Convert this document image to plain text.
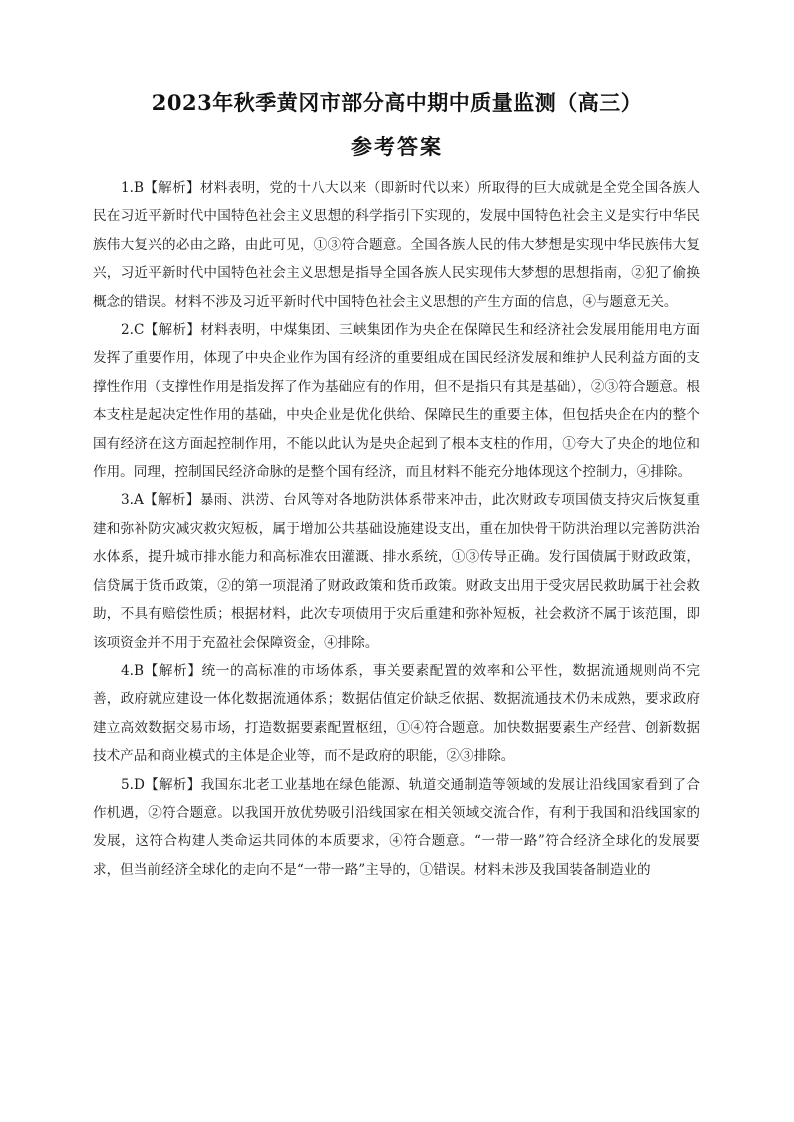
2023年秋季黄冈市部分高中期中质量监测（高三）
参考答案

1.B【解析】材料表明，党的十八大以来（即新时代以来）所取得的巨大成就是全党全国各族人民在习近平新时代中国特色社会主义思想的科学指引下实现的，发展中国特色社会主义是实行中华民族伟大复兴的必由之路，由此可见，①③符合题意。全国各族人民的伟大梦想是实现中华民族伟大复兴，习近平新时代中国特色社会主义思想是指导全国各族人民实现伟大梦想的思想指南，②犯了偷换概念的错误。材料不涉及习近平新时代中国特色社会主义思想的产生方面的信息，④与题意无关。

2.C【解析】材料表明，中煤集团、三峡集团作为央企在保障民生和经济社会发展用能用电方面发挥了重要作用，体现了中央企业作为国有经济的重要组成在国民经济发展和维护人民利益方面的支撑性作用（支撑性作用是指发挥了作为基础应有的作用，但不是指只有其是基础），②③符合题意。根本支柱是起决定性作用的基础，中央企业是优化供给、保障民生的重要主体，但包括央企在内的整个国有经济在这方面起控制作用，不能以此认为是央企起到了根本支柱的作用，①夸大了央企的地位和作用。同理，控制国民经济命脉的是整个国有经济，而且材料不能充分地体现这个控制力，④排除。

3.A【解析】暴雨、洪涝、台风等对各地防洪体系带来冲击，此次财政专项国债支持灾后恢复重建和弥补防灾减灾救灾短板，属于增加公共基础设施建设支出，重在加快骨干防洪治理以完善防洪治水体系，提升城市排水能力和高标准农田灌溉、排水系统，①③传导正确。发行国债属于财政政策，信贷属于货币政策，②的第一项混淆了财政政策和货币政策。财政支出用于受灾居民救助属于社会救助，不具有赔偿性质；根据材料，此次专项债用于灾后重建和弥补短板，社会救济不属于该范围，即该项资金并不用于充盈社会保障资金，④排除。

4.B【解析】统一的高标准的市场体系，事关要素配置的效率和公平性，数据流通规则尚不完善，政府就应建设一体化数据流通体系；数据估值定价缺乏依据、数据流通技术仍未成熟，要求政府建立高效数据交易市场，打造数据要素配置枢纽，①④符合题意。加快数据要素生产经营、创新数据技术产品和商业模式的主体是企业等，而不是政府的职能，②③排除。

5.D【解析】我国东北老工业基地在绿色能源、轨道交通制造等领域的发展让沿线国家看到了合作机遇，②符合题意。以我国开放优势吸引沿线国家在相关领域交流合作，有利于我国和沿线国家的发展，这符合构建人类命运共同体的本质要求，④符合题意。“一带一路”符合经济全球化的发展要求，但当前经济全球化的走向不是“一带一路”主导的，①错误。材料未涉及我国装备制造业的
